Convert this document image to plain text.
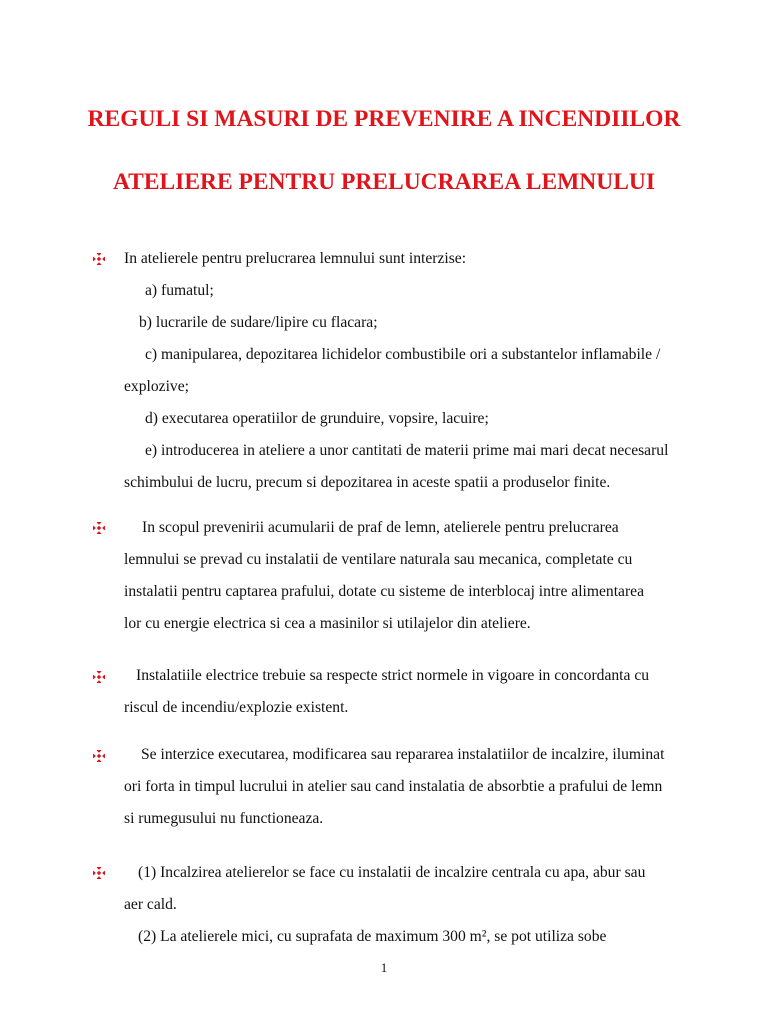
REGULI SI MASURI DE PREVENIRE A INCENDIILOR
ATELIERE PENTRU PRELUCRAREA LEMNULUI

In atelierele pentru prelucrarea lemnului sunt interzise:

a) fumatul;

b) lucrarile de sudare/lipire cu flacara;

c) manipularea, depozitarea lichidelor combustibile ori a substantelor inflamabile /

explozive;

d) executarea operatiilor de grunduire, vopsire, lacuire;

e) introducerea in ateliere a unor cantitati de materii prime mai mari decat necesarul

schimbului de lucru, precum si depozitarea in aceste spatii a produselor finite.

In scopul prevenirii acumularii de praf de lemn, atelierele pentru prelucrarea

lemnului se prevad cu instalatii de ventilare naturala sau mecanica, completate cu

instalatii pentru captarea prafului, dotate cu sisteme de interblocaj intre alimentarea

lor cu energie electrica si cea a masinilor si utilajelor din ateliere.

Instalatiile electrice trebuie sa respecte strict normele in vigoare in concordanta cu

riscul de incendiu/explozie existent.

Se interzice executarea, modificarea sau repararea instalatiilor de incalzire, iluminat

ori forta in timpul lucrului in atelier sau cand instalatia de absorbtie a prafului de lemn

si rumegusului nu functioneaza.

(1) Incalzirea atelierelor se face cu instalatii de incalzire centrala cu apa, abur sau

aer cald.

(2) La atelierele mici, cu suprafata de maximum 300 m², se pot utiliza sobe

1
